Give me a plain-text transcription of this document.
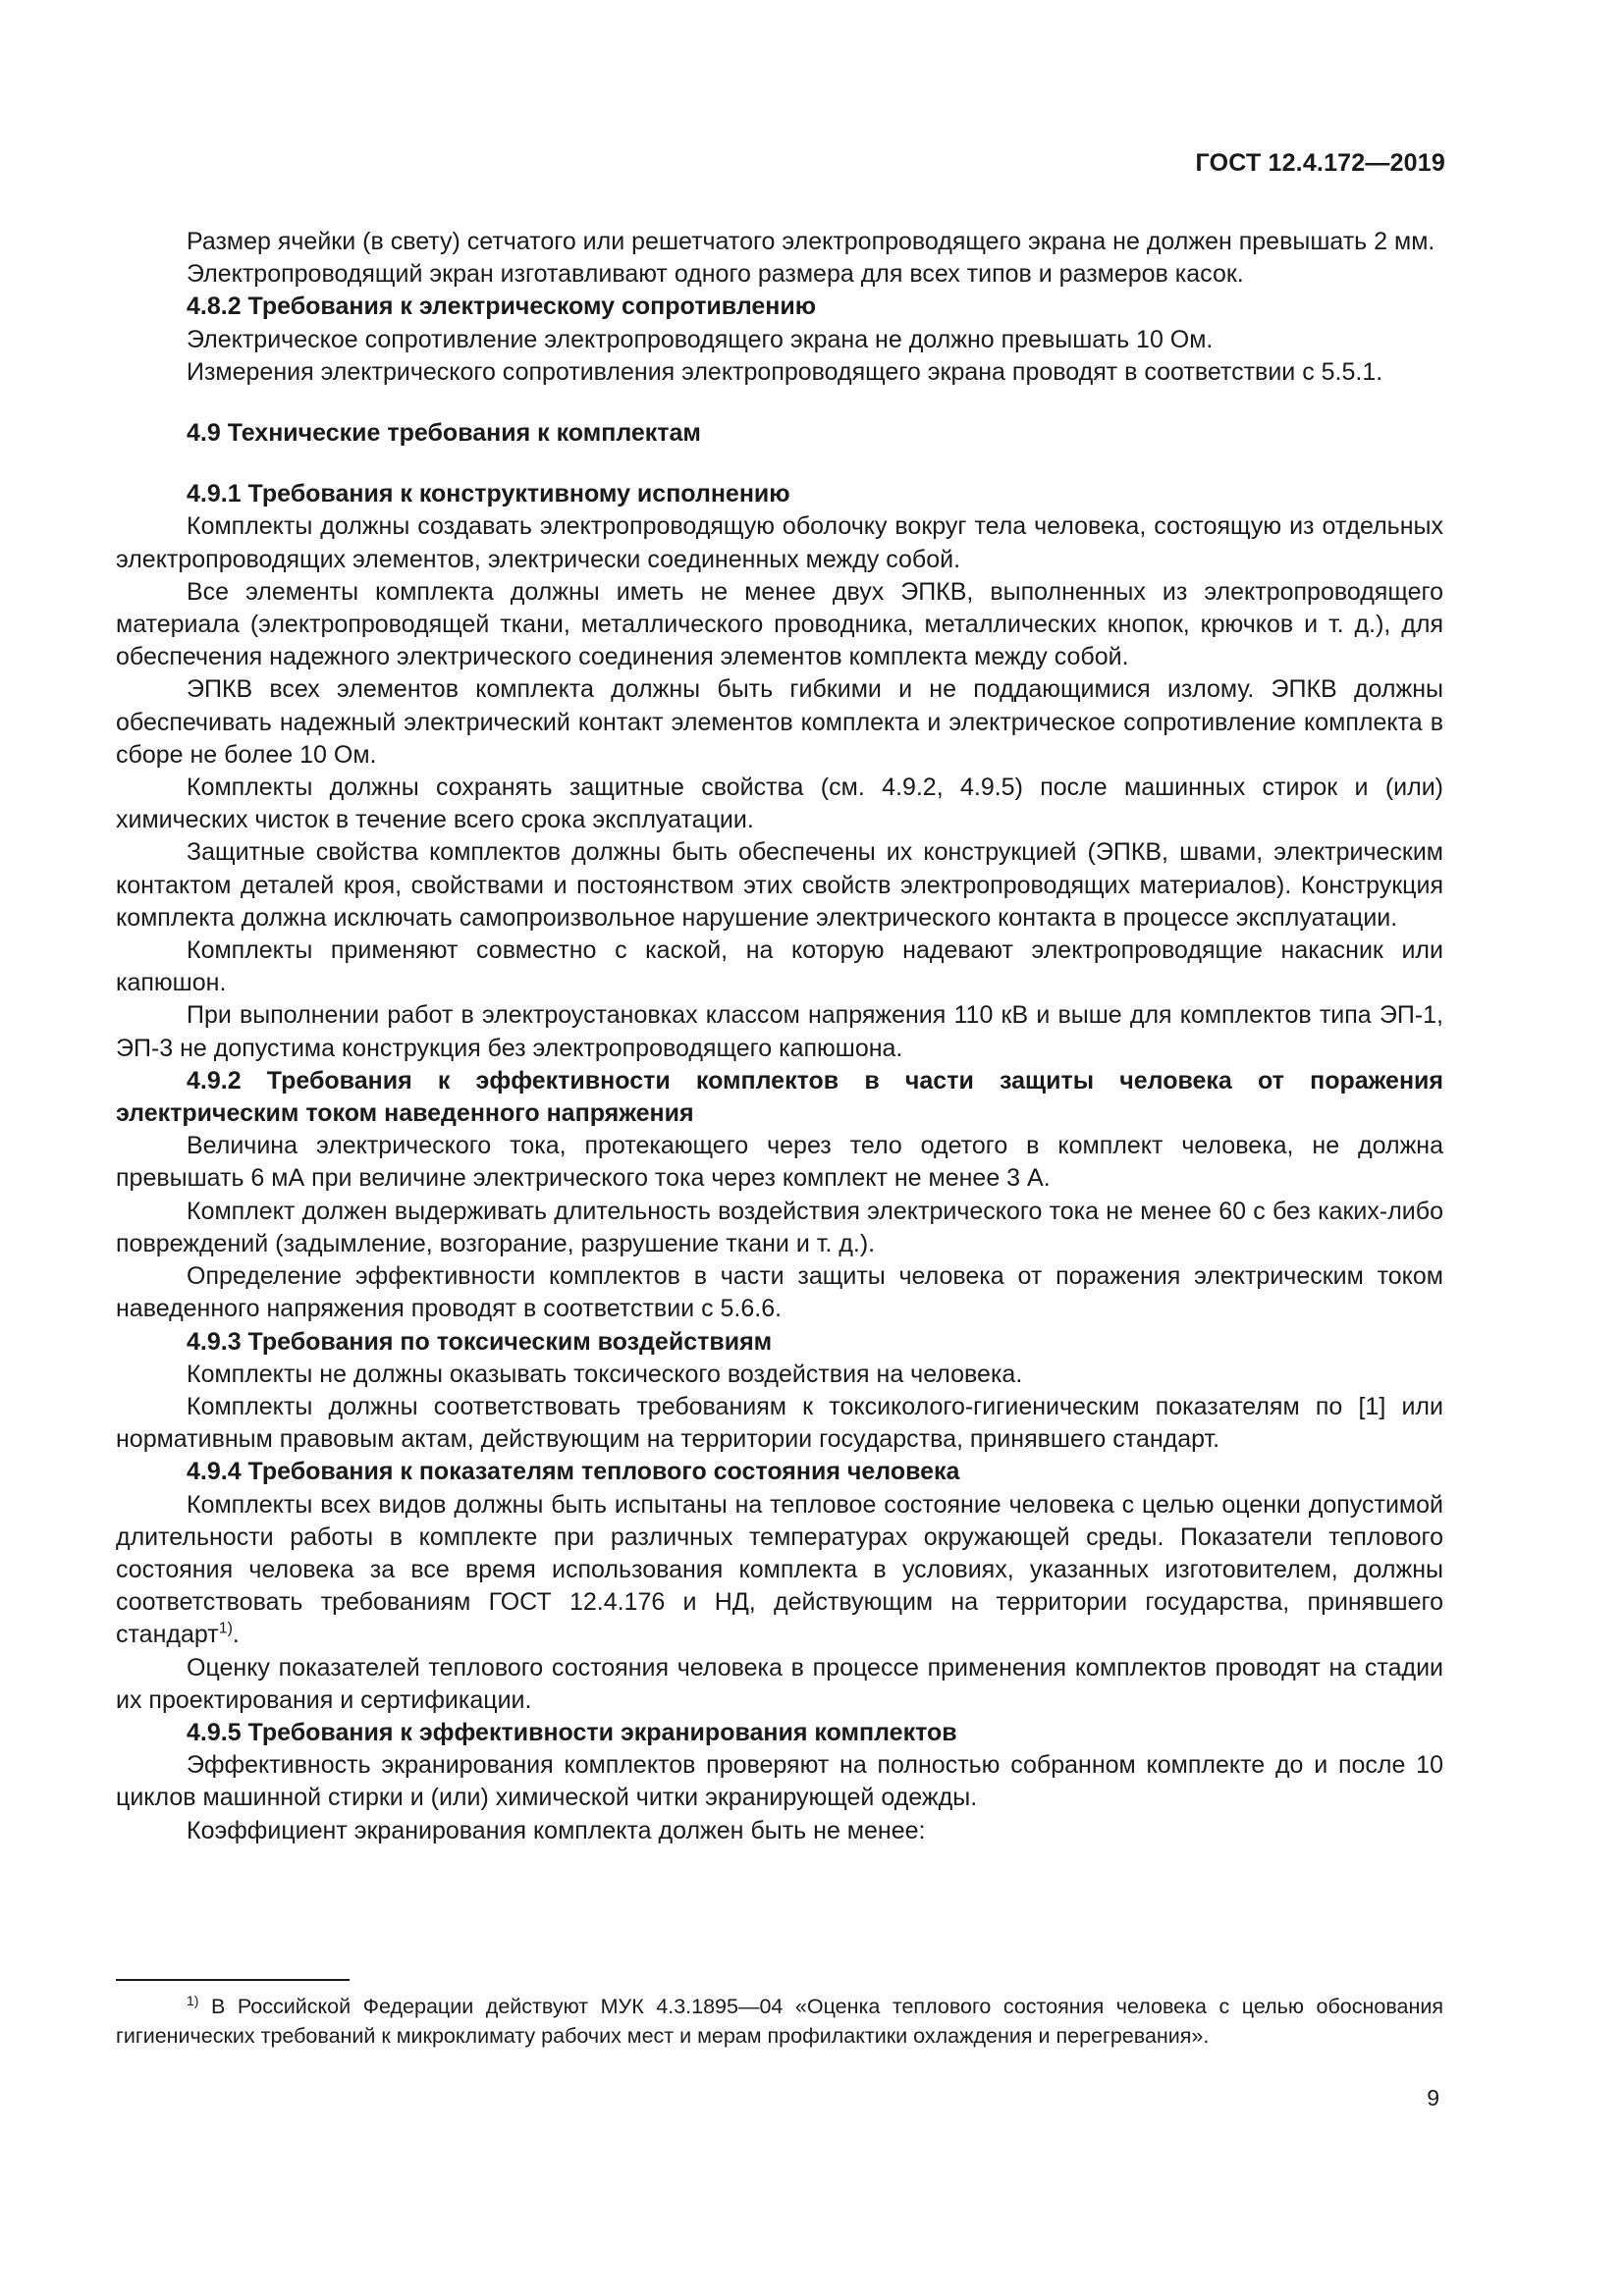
ГОСТ 12.4.172—2019

Размер ячейки (в свету) сетчатого или решетчатого электропроводящего экрана не должен превышать 2 мм.

Электропроводящий экран изготавливают одного размера для всех типов и размеров касок.

4.8.2 Требования к электрическому сопротивлению

Электрическое сопротивление электропроводящего экрана не должно превышать 10 Ом.

Измерения электрического сопротивления электропроводящего экрана проводят в соответствии с 5.5.1.

4.9 Технические требования к комплектам

4.9.1 Требования к конструктивному исполнению

Комплекты должны создавать электропроводящую оболочку вокруг тела человека, состоящую из отдельных электропроводящих элементов, электрически соединенных между собой.

Все элементы комплекта должны иметь не менее двух ЭПКВ, выполненных из электропроводящего материала (электропроводящей ткани, металлического проводника, металлических кнопок, крючков и т. д.), для обеспечения надежного электрического соединения элементов комплекта между собой.

ЭПКВ всех элементов комплекта должны быть гибкими и не поддающимися излому. ЭПКВ должны обеспечивать надежный электрический контакт элементов комплекта и электрическое сопротивление комплекта в сборе не более 10 Ом.

Комплекты должны сохранять защитные свойства (см. 4.9.2, 4.9.5) после машинных стирок и (или) химических чисток в течение всего срока эксплуатации.

Защитные свойства комплектов должны быть обеспечены их конструкцией (ЭПКВ, швами, электрическим контактом деталей кроя, свойствами и постоянством этих свойств электропроводящих материалов). Конструкция комплекта должна исключать самопроизвольное нарушение электрического контакта в процессе эксплуатации.

Комплекты применяют совместно с каской, на которую надевают электропроводящие накасник или капюшон.

При выполнении работ в электроустановках классом напряжения 110 кВ и выше для комплектов типа ЭП-1, ЭП-3 не допустима конструкция без электропроводящего капюшона.

4.9.2 Требования к эффективности комплектов в части защиты человека от поражения электрическим током наведенного напряжения

Величина электрического тока, протекающего через тело одетого в комплект человека, не должна превышать 6 мА при величине электрического тока через комплект не менее 3 А.

Комплект должен выдерживать длительность воздействия электрического тока не менее 60 с без каких-либо повреждений (задымление, возгорание, разрушение ткани и т. д.).

Определение эффективности комплектов в части защиты человека от поражения электрическим током наведенного напряжения проводят в соответствии с 5.6.6.

4.9.3 Требования по токсическим воздействиям

Комплекты не должны оказывать токсического воздействия на человека.

Комплекты должны соответствовать требованиям к токсиколого-гигиеническим показателям по [1] или нормативным правовым актам, действующим на территории государства, принявшего стандарт.

4.9.4 Требования к показателям теплового состояния человека

Комплекты всех видов должны быть испытаны на тепловое состояние человека с целью оценки допустимой длительности работы в комплекте при различных температурах окружающей среды. Показатели теплового состояния человека за все время использования комплекта в условиях, указанных изготовителем, должны соответствовать требованиям ГОСТ 12.4.176 и НД, действующим на территории государства, принявшего стандарт$^{1)}$.

Оценку показателей теплового состояния человека в процессе применения комплектов проводят на стадии их проектирования и сертификации.

4.9.5 Требования к эффективности экранирования комплектов

Эффективность экранирования комплектов проверяют на полностью собранном комплекте до и после 10 циклов машинной стирки и (или) химической читки экранирующей одежды.

Коэффициент экранирования комплекта должен быть не менее:

$^{1)}$ В Российской Федерации действуют МУК 4.3.1895—04 «Оценка теплового состояния человека с целью обоснования гигиенических требований к микроклимату рабочих мест и мерам профилактики охлаждения и перегревания».

9
